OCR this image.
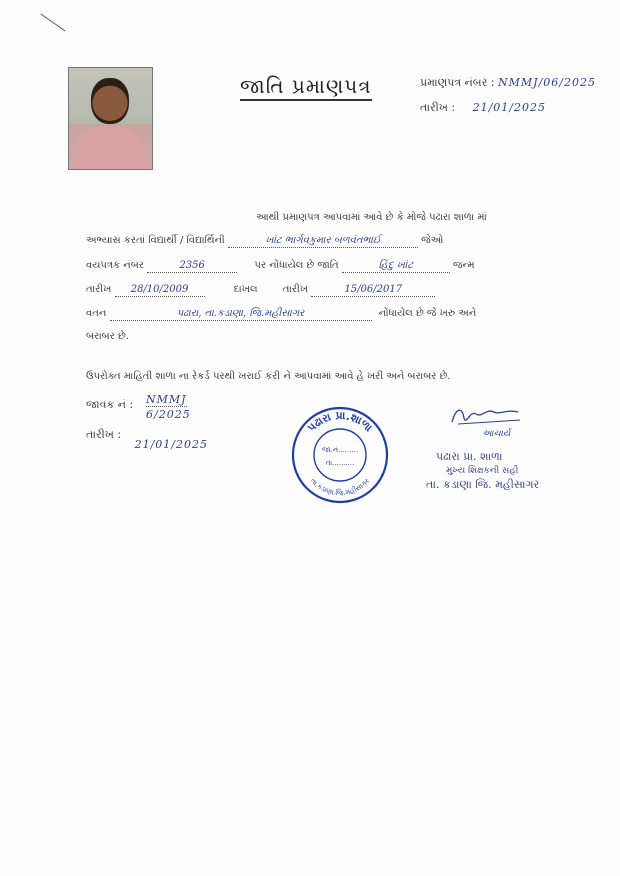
જાતિ પ્રમાણપત્ર	પ્રમાણપત્ર નંબર : NMMJ/06/2025
તારીખ : 21/01/2025
આથી પ્રમાણપત્ર આપવામાં આવે છે કે મોજે પઢારા શાળા માં
અભ્યાસ કરતાં વિદ્યાર્થી / વિદ્યાર્થિની	ખાંટ ભાર્ગવકુમાર બળવંતભાઈ	જેઓ
વયપત્રક નંબર	2356	પર નોંધાયેલ છે જાતિ	હિંદુ ખાંટ	જન્મ
તારીખ 28/10/2009	દાખલ	તારીખ	15/06/2017
વતન	પઢારા, તા.કડાણા, જિ.મહીસાગર	નોંધાયેલ છે જે ખરુ અને
બરાબર છે.
ઉપરોક્ત માહિતી શાળા ના રેકર્ડ પરથી ખરાઈ કરી ને આપવામાં આવે હે ખરી અને બરાબર છે.
જાવક નં : NMMJ
6/2025
તારીખ : 21/01/2025
પઢારા પ્રા.શાળા
તા.કડાણા.જિ.મહીસાગર
જા.નં.........
તા..........
આચાર્ય
પઢારા પ્રા. શાળા
મુખ્ય શિક્ષકની સહી
તા. કડાણા જિ. મહીસાગર
